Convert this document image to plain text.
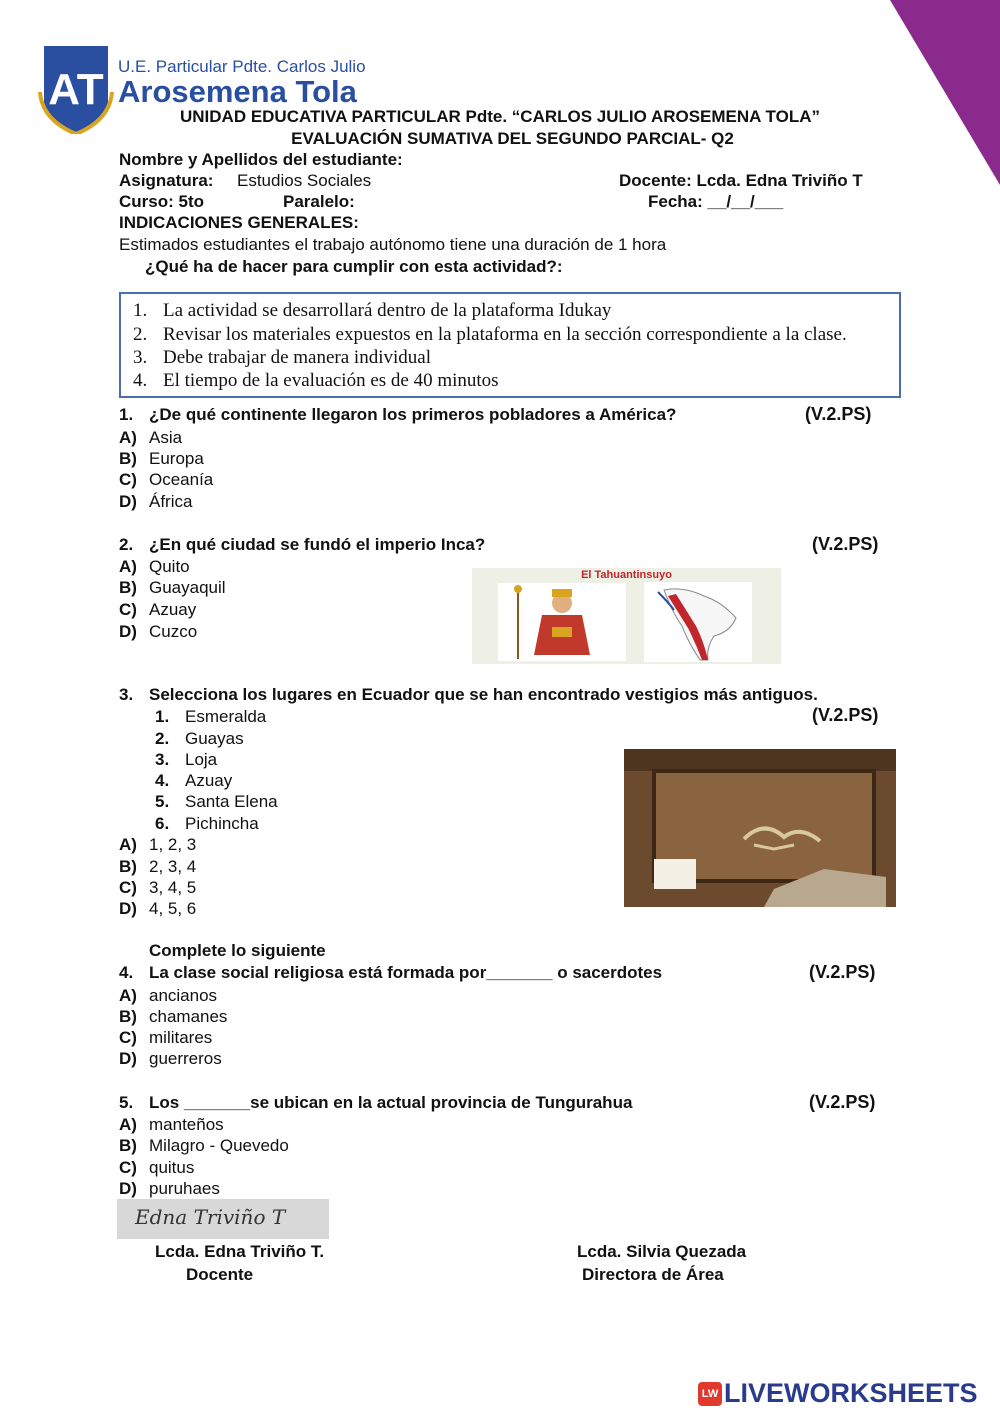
AT U.E. Particular Pdte. Carlos Julio
Arosemena Tola
UNIDAD EDUCATIVA PARTICULAR Pdte. “CARLOS JULIO AROSEMENA TOLA”
EVALUACIÓN SUMATIVA DEL SEGUNDO PARCIAL- Q2
Nombre y Apellidos del estudiante:
Asignatura: Estudios Sociales	Docente: Lcda. Edna Triviño T
Curso: 5to	Paralelo:	Fecha: __/__/___
INDICACIONES GENERALES:
Estimados estudiantes el trabajo autónomo tiene una duración de 1 hora
¿Qué ha de hacer para cumplir con esta actividad?:
1. La actividad se desarrollará dentro de la plataforma Idukay
2. Revisar los materiales expuestos en la plataforma en la sección correspondiente a la clase.
3. Debe trabajar de manera individual
4. El tiempo de la evaluación es de 40 minutos
1. ¿De qué continente llegaron los primeros pobladores a América?	(V.2.PS)
A) Asia
B) Europa
C) Oceanía
D) África
2. ¿En qué ciudad se fundó el imperio Inca?	(V.2.PS)
A) Quito
B) Guayaquil
C) Azuay
D) Cuzco
El Tahuantinsuyo
3. Selecciona los lugares en Ecuador que se han encontrado vestigios más antiguos.
(V.2.PS)
1. Esmeralda
2. Guayas
3. Loja
4. Azuay
5. Santa Elena
6. Pichincha
A) 1, 2, 3
B) 2, 3, 4
C) 3, 4, 5
D) 4, 5, 6
Complete lo siguiente
4. La clase social religiosa está formada por_______ o sacerdotes	(V.2.PS)
A) ancianos
B) chamanes
C) militares
D) guerreros
5. Los _______se ubican en la actual provincia de Tungurahua	(V.2.PS)
A) manteños
B) Milagro - Quevedo
C) quitus
D) puruhaes
Edna Triviño T
Lcda. Edna Triviño T.
Docente
Lcda. Silvia Quezada
Directora de Área
LW LIVEWORKSHEETS
